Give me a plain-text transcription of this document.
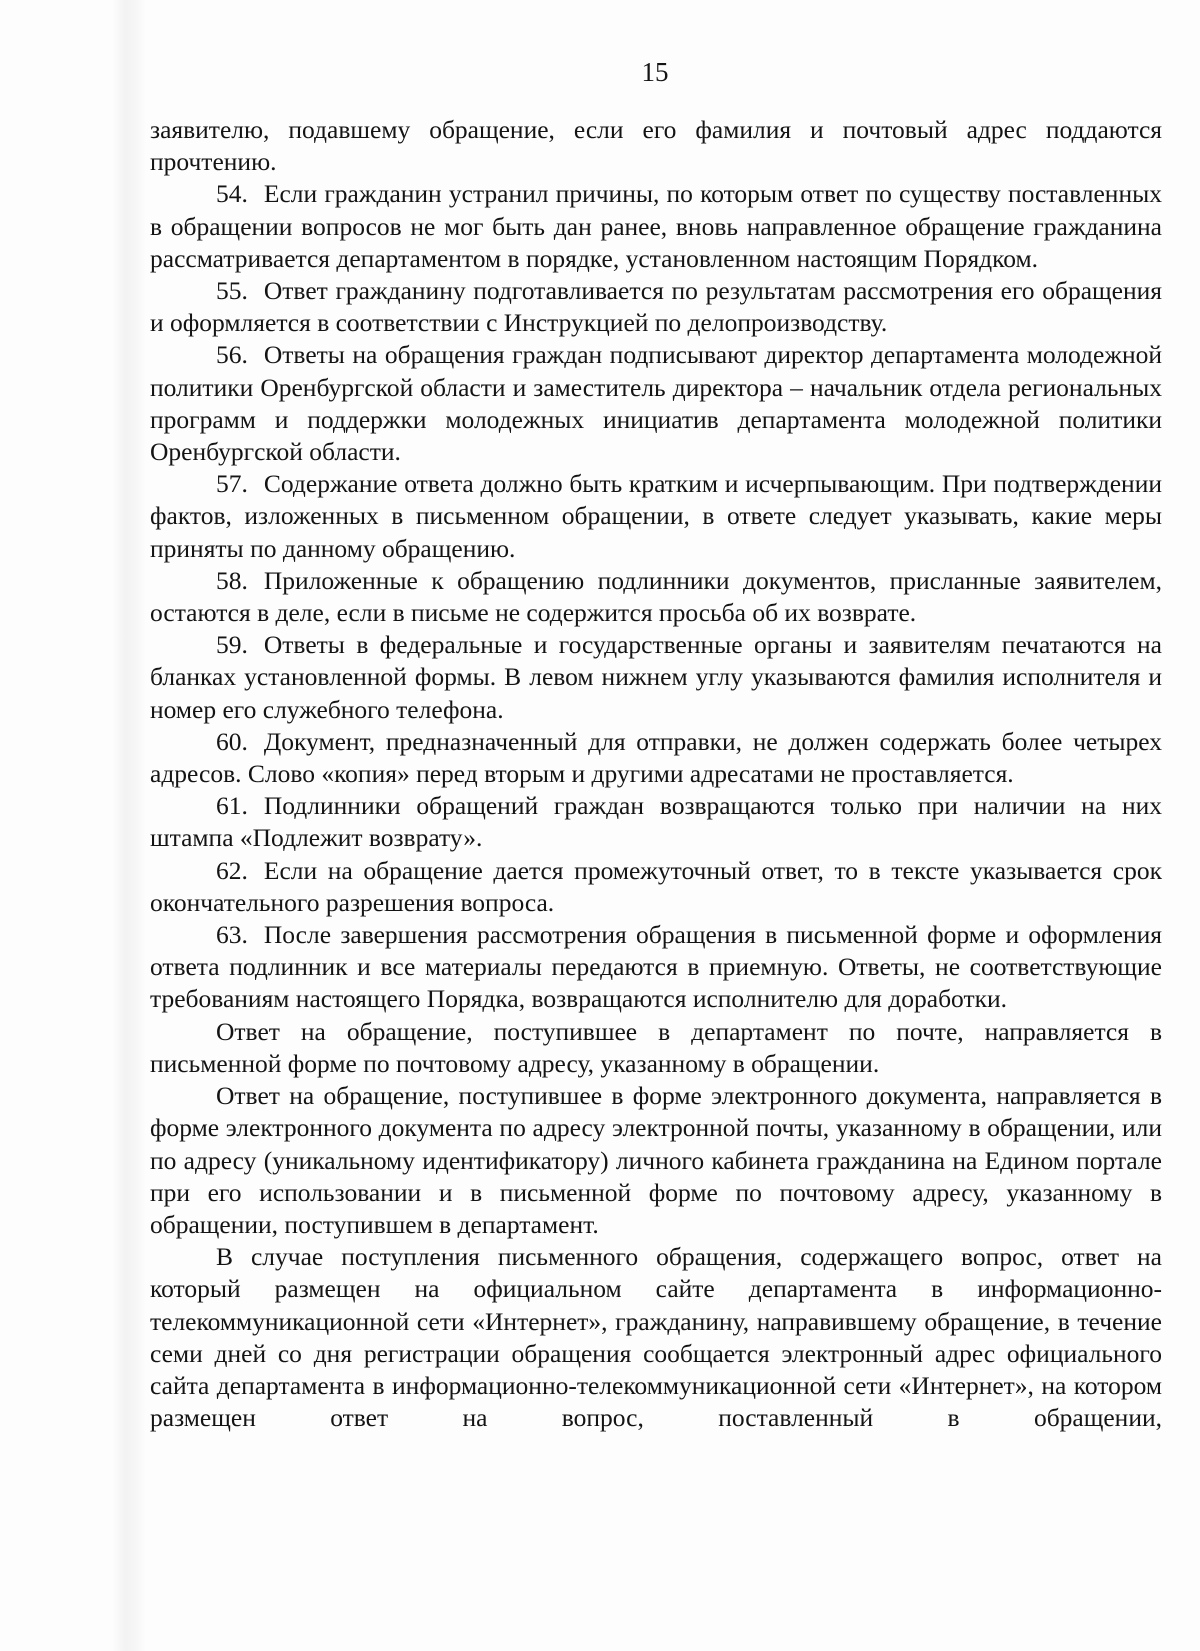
15

заявителю, подавшему обращение, если его фамилия и почтовый адрес поддаются прочтению.

54. Если гражданин устранил причины, по которым ответ по существу поставленных в обращении вопросов не мог быть дан ранее, вновь направленное обращение гражданина рассматривается департаментом в порядке, установленном настоящим Порядком.

55. Ответ гражданину подготавливается по результатам рассмотрения его обращения и оформляется в соответствии с Инструкцией по делопроизводству.

56. Ответы на обращения граждан подписывают директор департамента молодежной политики Оренбургской области и заместитель директора – начальник отдела региональных программ и поддержки молодежных инициатив департамента молодежной политики Оренбургской области.

57. Содержание ответа должно быть кратким и исчерпывающим. При подтверждении фактов, изложенных в письменном обращении, в ответе следует указывать, какие меры приняты по данному обращению.

58. Приложенные к обращению подлинники документов, присланные заявителем, остаются в деле, если в письме не содержится просьба об их возврате.

59. Ответы в федеральные и государственные органы и заявителям печатаются на бланках установленной формы. В левом нижнем углу указываются фамилия исполнителя и номер его служебного телефона.

60. Документ, предназначенный для отправки, не должен содержать более четырех адресов. Слово «копия» перед вторым и другими адресатами не проставляется.

61. Подлинники обращений граждан возвращаются только при наличии на них штампа «Подлежит возврату».

62. Если на обращение дается промежуточный ответ, то в тексте указывается срок окончательного разрешения вопроса.

63. После завершения рассмотрения обращения в письменной форме и оформления ответа подлинник и все материалы передаются в приемную. Ответы, не соответствующие требованиям настоящего Порядка, возвращаются исполнителю для доработки.

Ответ на обращение, поступившее в департамент по почте, направляется в письменной форме по почтовому адресу, указанному в обращении.

Ответ на обращение, поступившее в форме электронного документа, направляется в форме электронного документа по адресу электронной почты, указанному в обращении, или по адресу (уникальному идентификатору) личного кабинета гражданина на Едином портале при его использовании и в письменной форме по почтовому адресу, указанному в обращении, поступившем в департамент.

В случае поступления письменного обращения, содержащего вопрос, ответ на который размещен на официальном сайте департамента в информационно-телекоммуникационной сети «Интернет», гражданину, направившему обращение, в течение семи дней со дня регистрации обращения сообщается электронный адрес официального сайта департамента в информационно-телекоммуникационной сети «Интернет», на котором размещен ответ на вопрос, поставленный в обращении,
